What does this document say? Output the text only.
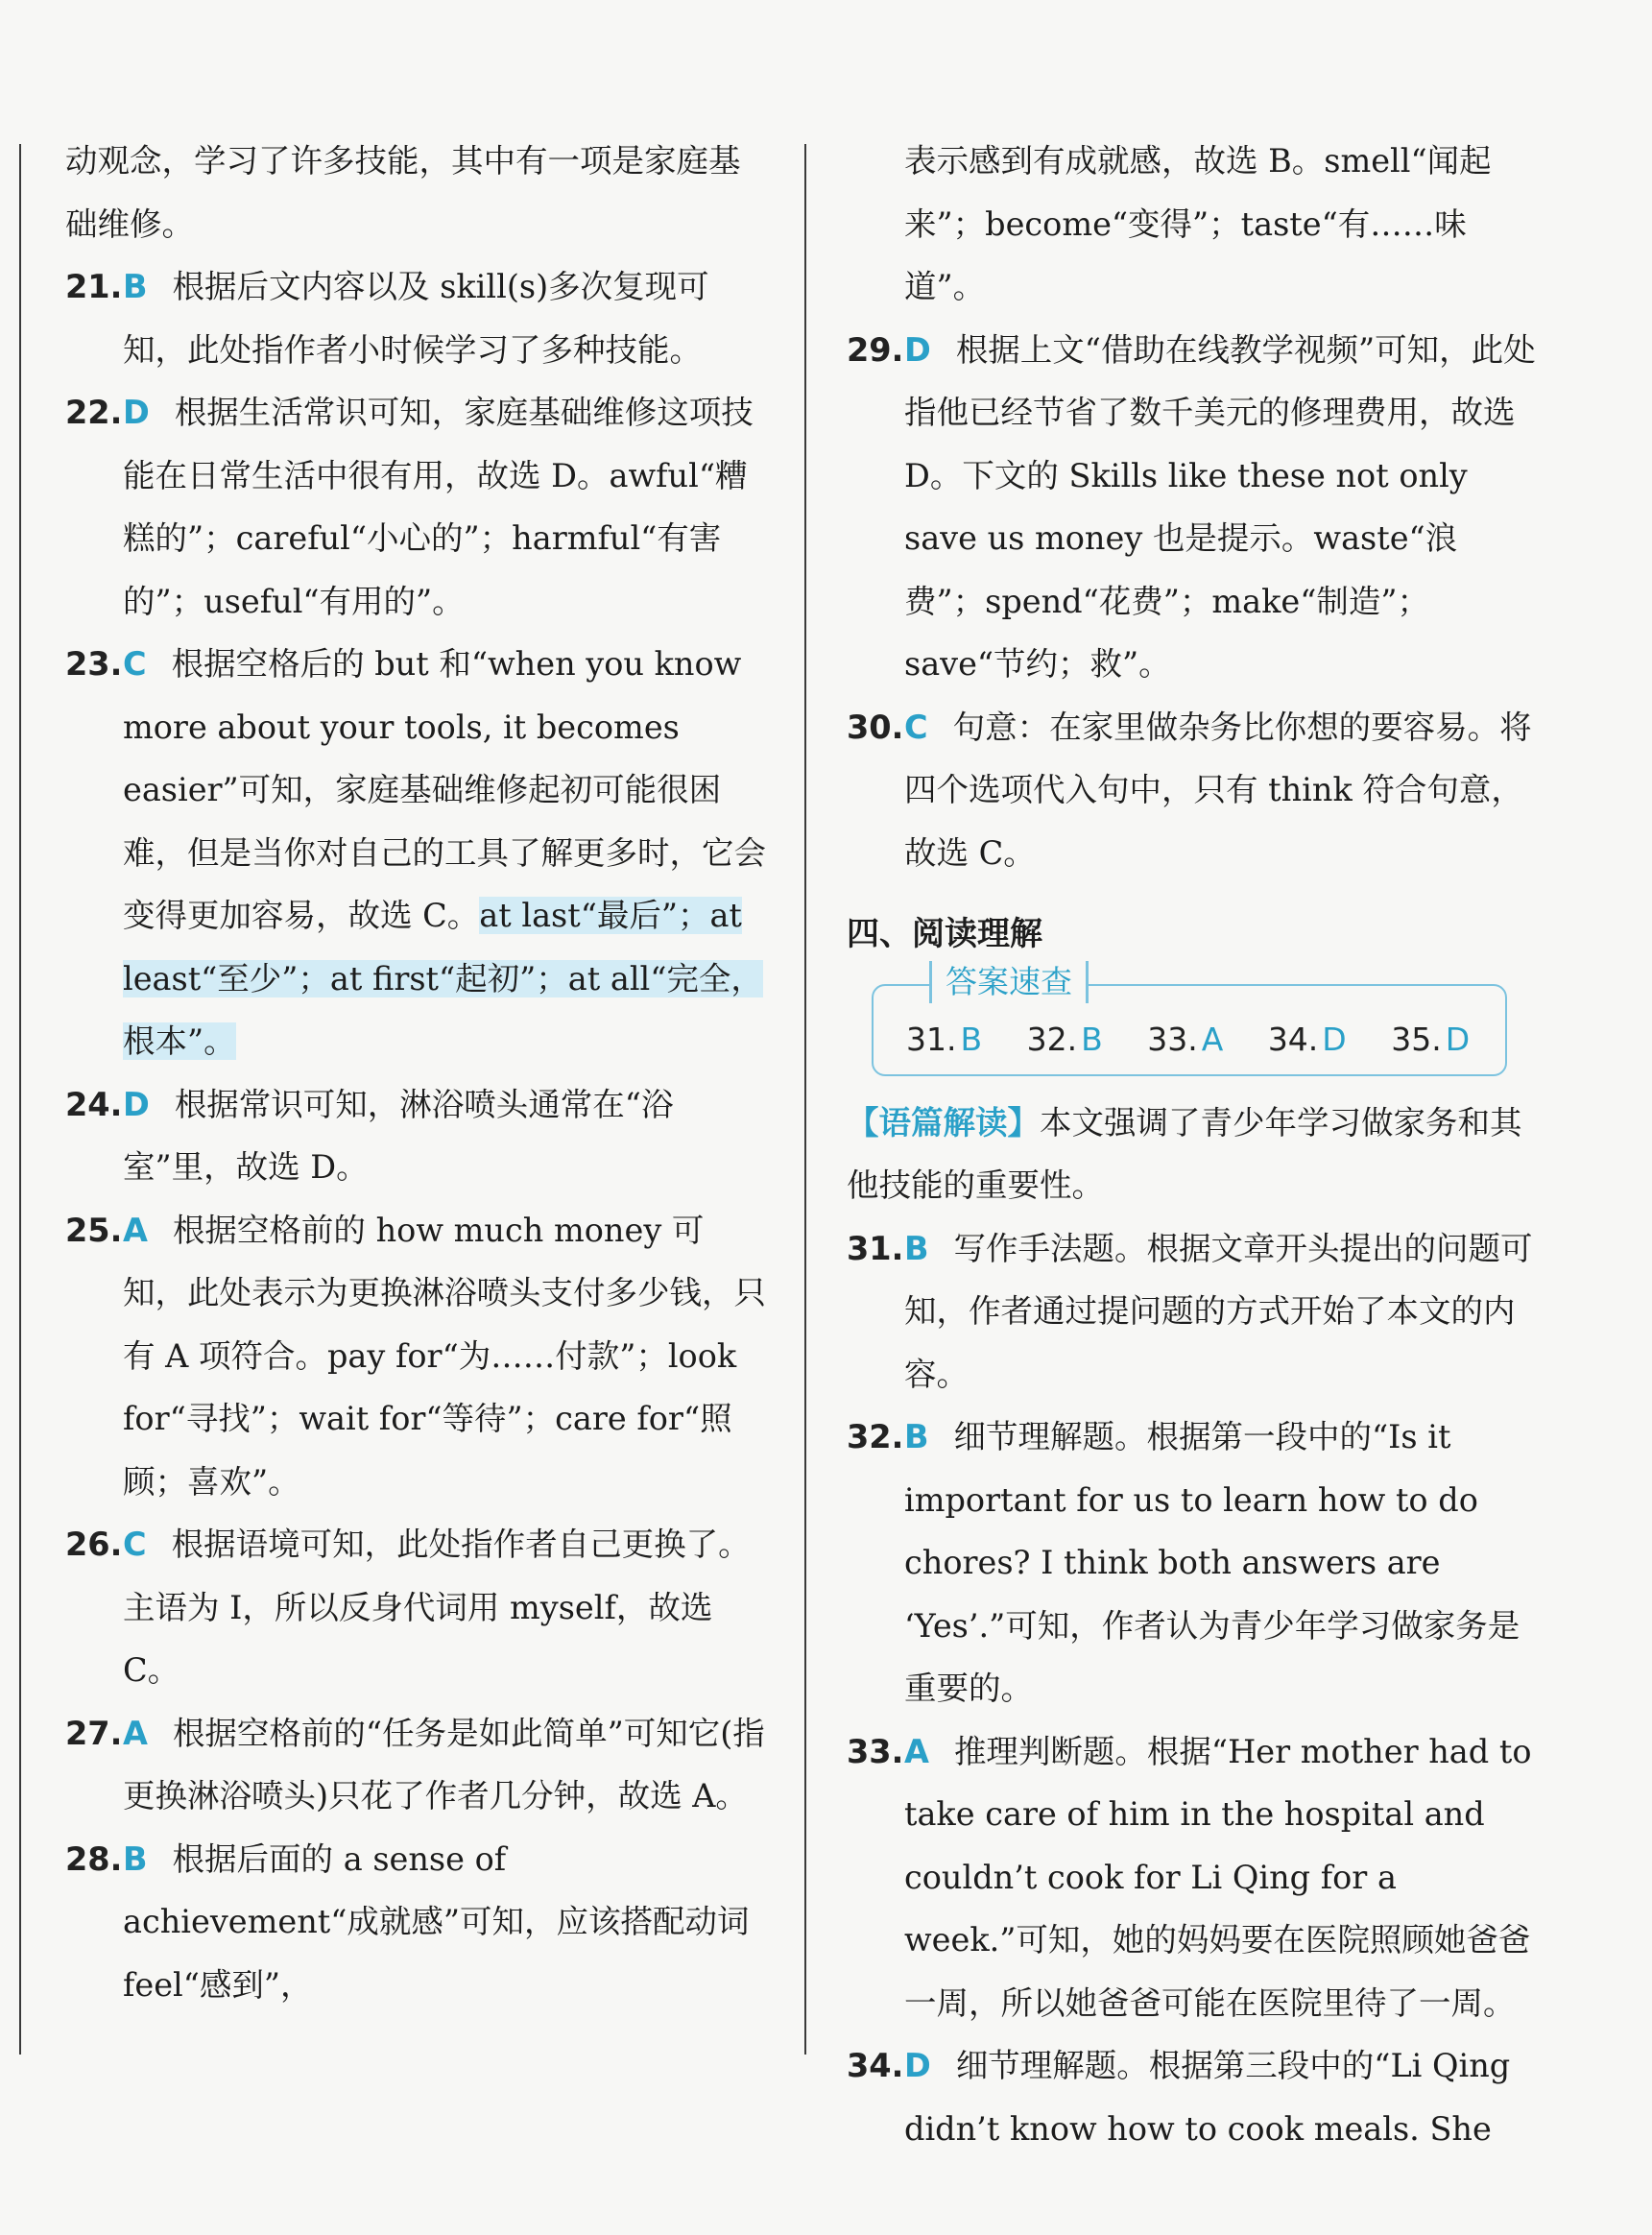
动观念，学习了许多技能，其中有一项是家庭基础维修。

21. B 根据后文内容以及 skill(s)多次复现可知，此处指作者小时候学习了多种技能。
22. D 根据生活常识可知，家庭基础维修这项技能在日常生活中很有用，故选 D。awful“糟糕的”；careful“小心的”；harmful“有害的”；useful“有用的”。
23. C 根据空格后的 but 和“when you know more about your tools, it becomes easier”可知，家庭基础维修起初可能很困难，但是当你对自己的工具了解更多时，它会变得更加容易，故选 C。at last“最后”；at least“至少”；at first“起初”；at all“完全，根本”。
24. D 根据常识可知，淋浴喷头通常在“浴室”里，故选 D。
25. A 根据空格前的 how much money 可知，此处表示为更换淋浴喷头支付多少钱，只有 A 项符合。pay for“为……付款”；look for“寻找”；wait for“等待”；care for“照顾；喜欢”。
26. C 根据语境可知，此处指作者自己更换了。主语为 I，所以反身代词用 myself，故选 C。
27. A 根据空格前的“任务是如此简单”可知它(指更换淋浴喷头)只花了作者几分钟，故选 A。
28. B 根据后面的 a sense of achievement“成就感”可知，应该搭配动词 feel“感到”，

表示感到有成就感，故选 B。smell“闻起来”；become“变得”；taste“有……味道”。

29. D 根据上文“借助在线教学视频”可知，此处指他已经节省了数千美元的修理费用，故选 D。下文的 Skills like these not only save us money 也是提示。waste“浪费”；spend“花费”；make“制造”；save“节约；救”。
30. C 句意：在家里做杂务比你想的要容易。将四个选项代入句中，只有 think 符合句意，故选 C。
四、阅读理解
答案速查
31. B 32. B 33. A 34. D 35. D

【语篇解读】本文强调了青少年学习做家务和其他技能的重要性。

31. B 写作手法题。根据文章开头提出的问题可知，作者通过提问题的方式开始了本文的内容。
32. B 细节理解题。根据第一段中的“Is it important for us to learn how to do chores? I think both answers are ‘Yes’.”可知，作者认为青少年学习做家务是重要的。
33. A 推理判断题。根据“Her mother had to take care of him in the hospital and couldn’t cook for Li Qing for a week.”可知，她的妈妈要在医院照顾她爸爸一周，所以她爸爸可能在医院里待了一周。
34. D 细节理解题。根据第三段中的“Li Qing didn’t know how to cook meals. She
